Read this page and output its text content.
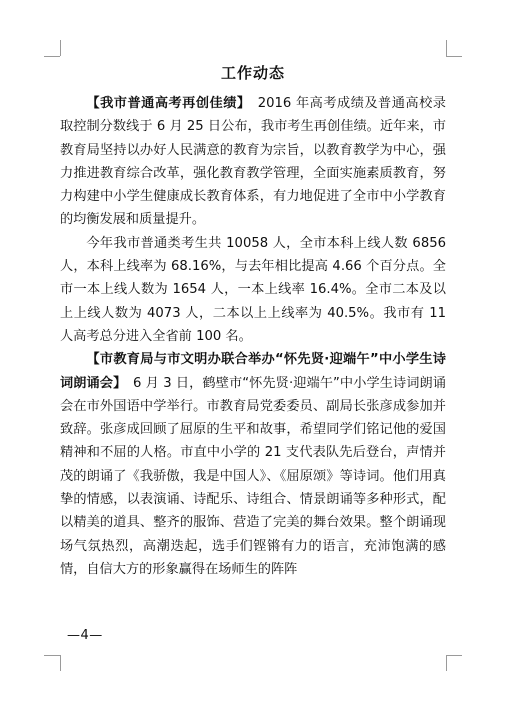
工作动态

【我市普通高考再创佳绩】　2016 年高考成绩及普通高校录取控制分数线于 6 月 25 日公布，我市考生再创佳绩。近年来，市教育局坚持以办好人民满意的教育为宗旨，以教育教学为中心，强力推进教育综合改革，强化教育教学管理，全面实施素质教育，努力构建中小学生健康成长教育体系，有力地促进了全市中小学教育的均衡发展和质量提升。

今年我市普通类考生共 10058 人，全市本科上线人数 6856 人，本科上线率为 68.16%，与去年相比提高 4.66 个百分点。全市一本上线人数为 1654 人，一本上线率 16.4%。全市二本及以上上线人数为 4073 人，二本以上上线率为 40.5%。我市有 11 人高考总分进入全省前 100 名。

【市教育局与市文明办联合举办“怀先贤·迎端午”中小学生诗词朗诵会】　6 月 3 日，鹤壁市“怀先贤·迎端午”中小学生诗词朗诵会在市外国语中学举行。市教育局党委委员、副局长张彦成参加并致辞。张彦成回顾了屈原的生平和故事，希望同学们铭记他的爱国精神和不屈的人格。市直中小学的 21 支代表队先后登台，声情并茂的朗诵了《我骄傲，我是中国人》、《屈原颂》等诗词。他们用真挚的情感，以表演诵、诗配乐、诗组合、情景朗诵等多种形式，配以精美的道具、整齐的服饰、营造了完美的舞台效果。整个朗诵现场气氛热烈，高潮迭起，选手们铿锵有力的语言，充沛饱满的感情，自信大方的形象赢得在场师生的阵阵

—4—
